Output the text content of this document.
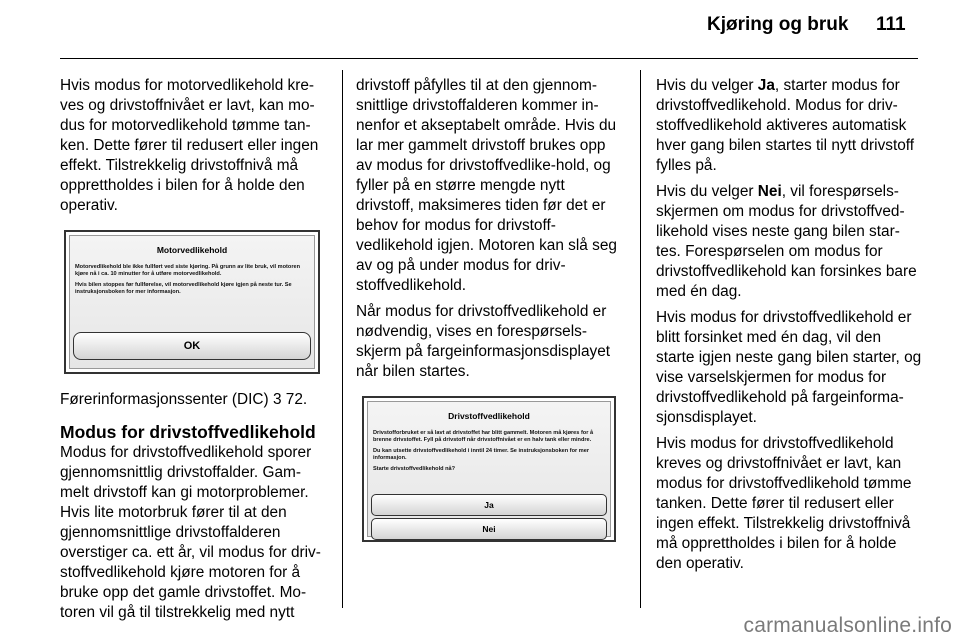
Kjøring og bruk 111

Hvis modus for motorvedlikehold kre-ves og drivstoffnivået er lavt, kan mo-dus for motorvedlikehold tømme tan-ken. Dette fører til redusert eller ingen effekt. Tilstrekkelig drivstoffnivå må opprettholdes i bilen for å holde den operativ.

Motorvedlikehold
Motorvedlikehold ble ikke fullført ved siste kjøring. På grunn av lite bruk, vil motoren kjøre nå i ca. 10 minutter for å utføre motorvedlikehold.
Hvis bilen stoppes før fullførelse, vil motorvedlikehold kjøre igjen på neste tur. Se instruksjonsboken for mer informasjon.
OK

Førerinformasjonssenter (DIC) 3 72.

Modus for drivstoffvedlikehold

Modus for drivstoffvedlikehold sporer gjennomsnittlig drivstoffalder. Gam-melt drivstoff kan gi motorproblemer. Hvis lite motorbruk fører til at den gjennomsnittlige drivstoffalderen overstiger ca. ett år, vil modus for driv-stoffvedlikehold kjøre motoren for å bruke opp det gamle drivstoffet. Mo-toren vil gå til tilstrekkelig med nytt

drivstoff påfylles til at den gjennom-snittlige drivstoffalderen kommer in-nenfor et akseptabelt område. Hvis du lar mer gammelt drivstoff brukes opp av modus for drivstoffvedlike-hold, og fyller på en større mengde nytt drivstoff, maksimeres tiden før det er behov for modus for drivstoff-vedlikehold igjen. Motoren kan slå seg av og på under modus for driv-stoffvedlikehold.

Når modus for drivstoffvedlikehold er nødvendig, vises en forespørsels-skjerm på fargeinformasjonsdisplayet når bilen startes.

Drivstoffvedlikehold
Drivstofforbruket er så lavt at drivstoffet har blitt gammelt. Motoren må kjøres for å brenne drivstoffet. Fyll på drivstoff når drivstoffnivået er en halv tank eller mindre.
Du kan utsette drivstoffvedlikehold i inntil 24 timer. Se instruksjonsboken for mer informasjon.
Starte drivstoffvedlikehold nå?
Ja
Nei

Hvis du velger Ja, starter modus for drivstoffvedlikehold. Modus for driv-stoffvedlikehold aktiveres automatisk hver gang bilen startes til nytt drivstoff fylles på.

Hvis du velger Nei, vil forespørsels-skjermen om modus for drivstoffved-likehold vises neste gang bilen star-tes. Forespørselen om modus for drivstoffvedlikehold kan forsinkes bare med én dag.

Hvis modus for drivstoffvedlikehold er blitt forsinket med én dag, vil den starte igjen neste gang bilen starter, og vise varselskjermen for modus for drivstoffvedlikehold på fargeinforma-sjonsdisplayet.

Hvis modus for drivstoffvedlikehold kreves og drivstoffnivået er lavt, kan modus for drivstoffvedlikehold tømme tanken. Dette fører til redusert eller ingen effekt. Tilstrekkelig drivstoffnivå må opprettholdes i bilen for å holde den operativ.

carmanualsonline.info
